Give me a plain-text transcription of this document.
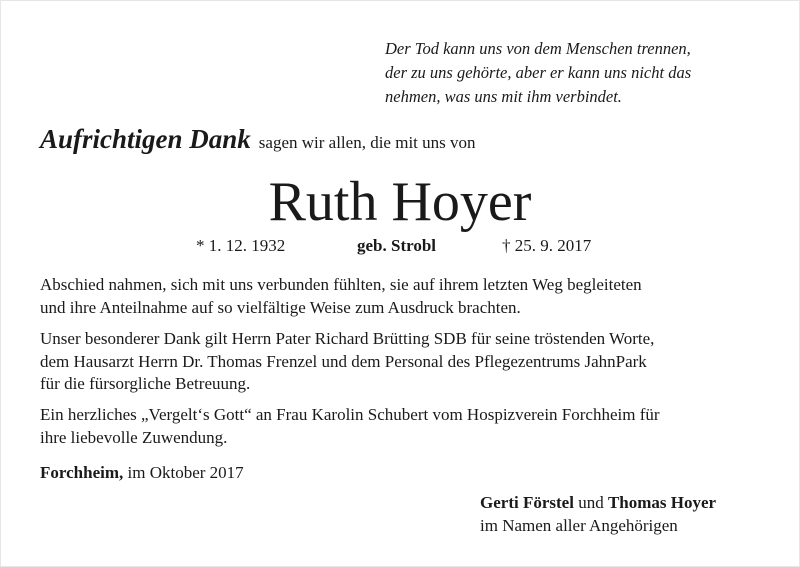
Der Tod kann uns von dem Menschen trennen,
der zu uns gehörte, aber er kann uns nicht das
nehmen, was uns mit ihm verbindet.
Aufrichtigen Dank sagen wir allen, die mit uns von
Ruth Hoyer
* 1. 12. 1932	geb. Strobl	† 25. 9. 2017
Abschied nahmen, sich mit uns verbunden fühlten, sie auf ihrem letzten Weg begleiteten
und ihre Anteilnahme auf so vielfältige Weise zum Ausdruck brachten.
Unser besonderer Dank gilt Herrn Pater Richard Brütting SDB für seine tröstenden Worte,
dem Hausarzt Herrn Dr. Thomas Frenzel und dem Personal des Pflegezentrums JahnPark
für die fürsorgliche Betreuung.
Ein herzliches „Vergelt‘s Gott“ an Frau Karolin Schubert vom Hospizverein Forchheim für
ihre liebevolle Zuwendung.
Forchheim, im Oktober 2017
Gerti Förstel und Thomas Hoyer
im Namen aller Angehörigen
